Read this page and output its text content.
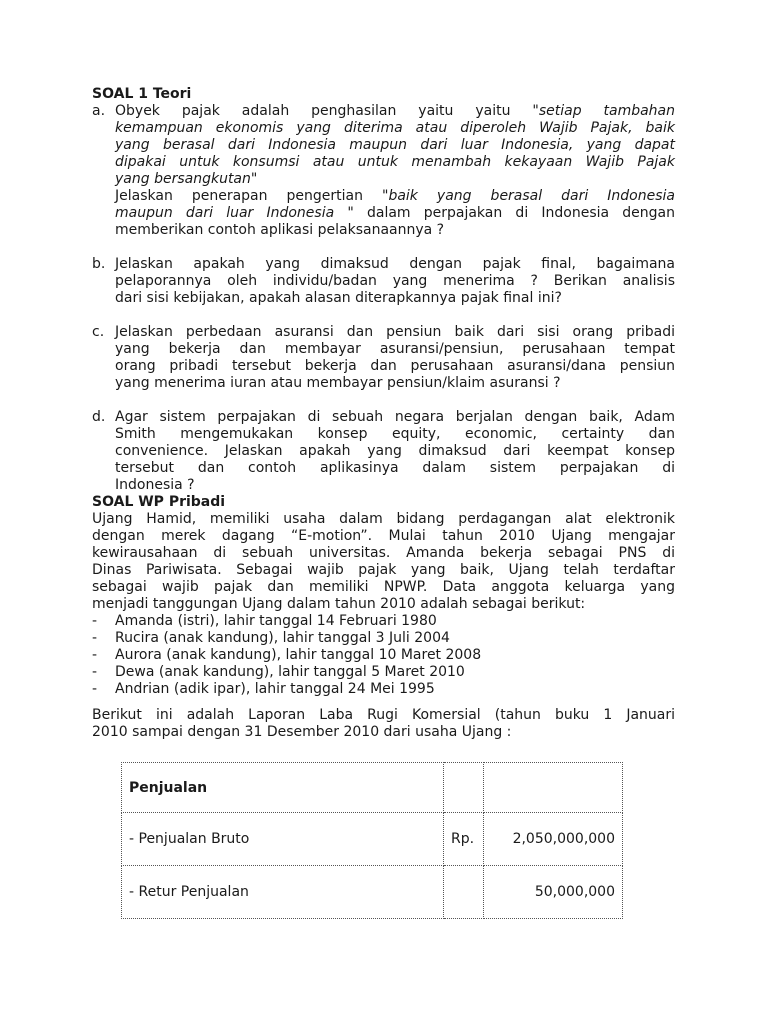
SOAL 1 Teori
a. Obyek pajak adalah penghasilan yaitu yaitu "setiap tambahan
kemampuan ekonomis yang diterima atau diperoleh Wajib Pajak, baik
yang berasal dari Indonesia maupun dari luar Indonesia, yang dapat
dipakai untuk konsumsi atau untuk menambah kekayaan Wajib Pajak
yang bersangkutan"
Jelaskan penerapan pengertian "baik yang berasal dari Indonesia
maupun dari luar Indonesia " dalam perpajakan di Indonesia dengan
memberikan contoh aplikasi pelaksanaannya ?
b. Jelaskan apakah yang dimaksud dengan pajak final, bagaimana
pelaporannya oleh individu/badan yang menerima ? Berikan analisis
dari sisi kebijakan, apakah alasan diterapkannya pajak final ini?
c. Jelaskan perbedaan asuransi dan pensiun baik dari sisi orang pribadi
yang bekerja dan membayar asuransi/pensiun, perusahaan tempat
orang pribadi tersebut bekerja dan perusahaan asuransi/dana pensiun
yang menerima iuran atau membayar pensiun/klaim asuransi ?
d. Agar sistem perpajakan di sebuah negara berjalan dengan baik, Adam
Smith mengemukakan konsep equity, economic, certainty dan
convenience. Jelaskan apakah yang dimaksud dari keempat konsep
tersebut dan contoh aplikasinya dalam sistem perpajakan di
Indonesia ?
SOAL WP Pribadi
Ujang Hamid, memiliki usaha dalam bidang perdagangan alat elektronik
dengan merek dagang “E-motion”. Mulai tahun 2010 Ujang mengajar
kewirausahaan di sebuah universitas. Amanda bekerja sebagai PNS di
Dinas Pariwisata. Sebagai wajib pajak yang baik, Ujang telah terdaftar
sebagai wajib pajak dan memiliki NPWP. Data anggota keluarga yang
menjadi tanggungan Ujang dalam tahun 2010 adalah sebagai berikut:
- Amanda (istri), lahir tanggal 14 Februari 1980
- Rucira (anak kandung), lahir tanggal 3 Juli 2004
- Aurora (anak kandung), lahir tanggal 10 Maret 2008
- Dewa (anak kandung), lahir tanggal 5 Maret 2010
- Andrian (adik ipar), lahir tanggal 24 Mei 1995
Berikut ini adalah Laporan Laba Rugi Komersial (tahun buku 1 Januari
2010 sampai dengan 31 Desember 2010 dari usaha Ujang :
Penjualan		
- Penjualan Bruto	Rp.	2,050,000,000
- Retur Penjualan		50,000,000
